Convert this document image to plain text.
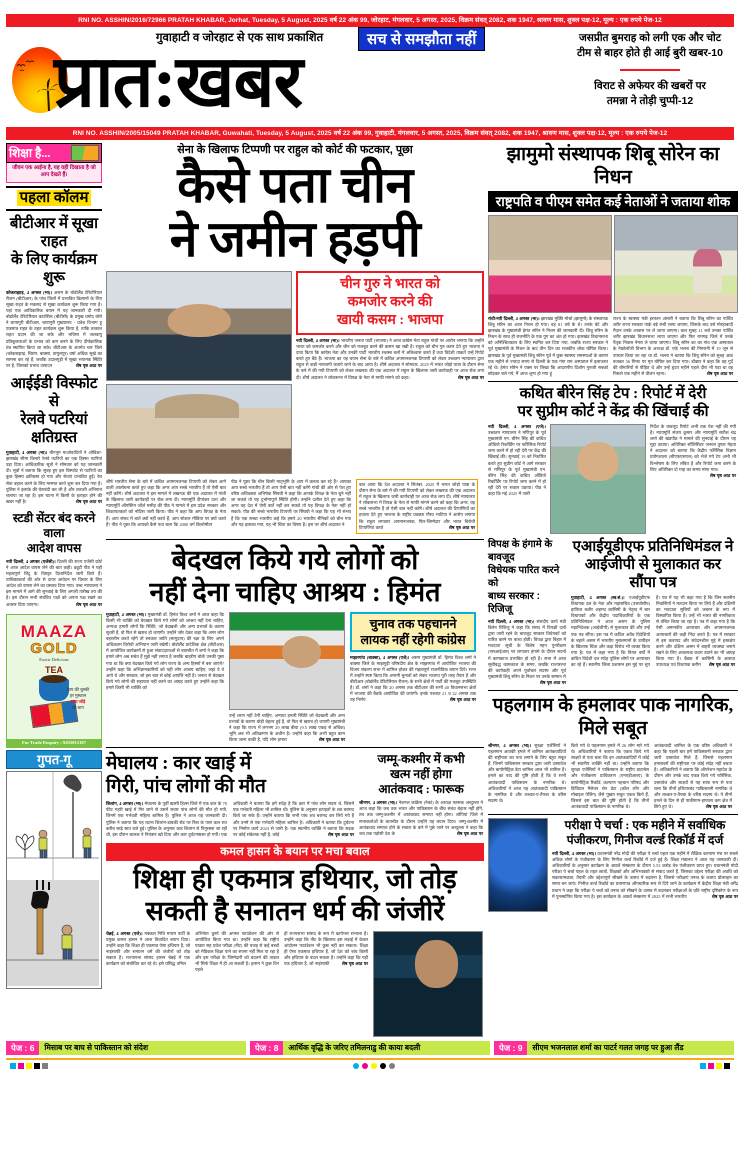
RNI NO. ASSHIN/2016/72966 PRATAH KHABAR, Jorhat, Tuesday, 5 August, 2025 वर्ष 22 अंक 99, जोरहाट, मंगलवार, 5 अगस्त, 2025, विक्रम संवत् 2082, शक 1947, श्रावण मास, शुक्ल पक्ष-12, मूल्य : एक रुपये पेज-12
गुवाहाटी व जोरहाट से एक साथ प्रकाशित	सच से समझौता नहीं
प्रात:खबर
जसप्रीत बुमराह को लगी एक और चोट
टीम से बाहर होते ही आई बुरी खबर-10
विराट से अफेयर की खबरों पर
तमन्ना ने तोड़ी चुप्पी-12
RNI NO. ASSHIN/2005/15049 PRATAH KHABAR, Guwahati, Tuesday, 5 August, 2025 वर्ष 22 अंक 99, गुवाहाटी, मंगलवार, 5 अगस्त, 2025, विक्रम संवत् 2082, शक 1947, श्रावण मास, शुक्ल पक्ष-12, मूल्य : एक रुपये पेज-12
शिक्षा है...
जीवन एक आईना है, यह वही दिखाता है जो आप देखते हैं।
पहला कॉलम
बीटीआर में सूखा राहत
के लिए कार्यक्रम शुरू
कोकराझाड़, 4 अगस्त (भा)। असम के बोडोलैंड टेरिटोरियल रीजन (बीटीआर) के पांच जिलों में प्रभावित किसानों के लिए सूखा राहत के मकसद से सूखा कार्यक्रम शुरू किया गया है। यहां एक आधिकारिक बयान में यह जानकारी दी गयी। बोडोलैंड टेरिटोरियल काउंसिल (बीटीसी) के प्रमुख प्रमोद बोरो ने चापागुरी बीटीआर, चापागुरी मुख्यालय - प्रवेश विभाग हू एकमात्र राहत के तहत कार्यक्रम शुरू किया है, ताकि तत्काल राहत प्रदान की जा सके और भविष्य में जलवायु प्रतिकूलताओं के प्रभाव को कम करने के लिए दीर्घकालिक तंत्र स्थापित किया जा सके। बीटीआर के अंतर्गत चार जिले (कोकराझाड़, चिरांग, बाक्सा, तामुलपुर) वर्षा अधिक सूखे का सामना कर रहे हैं, जबकि उदालगुड़ी में सूखा भयानक स्थिति पर है, जिसको प्रभाव उत्पादन	शेष पृष्ठ आठ पर
आईईडी विस्फोट से
रेलवे पटरियां क्षतिग्रस्त
गुवाहाटी, 4 अगस्त (भा)। बीरभूम माओवादियों ने ओडिशा-झारखंड सीमा किनारे रेलवे पटरियों का एक हिस्सा पटरियां उड़ा दिया। आधिकारिक सूत्रों ने सोमवार को यह जानकारी दी। सूत्रों ने बताया कि सुबह हुए इस विस्फोट से पटरियों का कुछ हिस्सा क्षतिग्रस्त हो गया और सेवाएं प्रभावित हुईं। रेल सेवा बहाल करने के लिए मरम्मत कार्य शुरू कर दिया गया है। पुलिस ने इलाके की घेराबंदी कर ली है और तलाशी अभियान चलाया जा रहा है। इस घटना में किसी के हताहत होने की खबर नहीं है।	शेष पृष्ठ आठ पर
स्टडी सेंटर बंद करने वाला
आदेश वापस
नयी दिल्ली, 4 अगस्त (एजेंसी)। दिल्ली की राज्य एजेंसी कोर्ट ने आज आदेश वापस लेने की बात कही। ड्यूटी पीठ ने यही महत्वपूर्ण बिंदु के विस्तृत दिशानिर्देश जारी किये हैं। याचिकाकर्ता की ओर से दायर आवेदन पर विचार के लिए आदेश को वापस लेने का प्रस्ताव दिया गया। उच्च न्यायालय ने इस मामले में आगे की सुनवाई के लिए अगली तारीख तय की है। इस दौरान सभी संबंधित पक्षों को अपना पक्ष रखने का अवसर दिया जाएगा।	शेष पृष्ठ आठ पर
MAAZA
GOLD
Exotic Delicious
TEA
चाय की चुस्की
हर मुस्कान
साथ जोड़े
रहे चाय
For Trade Enquiry : 9435012187
गुपत-गू
सेना के खिलाफ टिप्पणी पर राहुल को कोर्ट की फटकार, पूछा
कैसे पता चीन
ने जमीन हड़पी
चीन गुरु ने भारत को
कमजोर करने की
खायी कसम : भाजपा
नयी दिल्ली, 4 अगस्त (भा)। भारतीय जनता पार्टी (भाजपा) ने आज कांग्रेस नेता राहुल गांधी पर आरोप लगाया कि उन्होंने भारत को कमजोर करने और चीन को मजबूत करने की कसम खा रखी है। राहुल को चीन गुरु करार देते हुए भाजपा ने दावा किया कि कांग्रेस नेता और उनकी पार्टी भारतीय सशस्त्र बलों में अविश्वास करते हैं तथा विदेशी ताकतें उन्हें रिपोर्ट करते हुए बैठे हैं। भाजपा का यह बयान सेना के बारे में कथित अपमानजनक टिप्पणी को लेकर उच्चतम न्यायालय द्वारा राहुल से कड़ी नाराजगी जताये जाने के बाद आया है। शीर्ष अदालत ने सोमवार, 2025 में भारत जोड़ो यात्रा के दौरान सेना के बारे में की गयी टिप्पणी को लेकर लखनऊ की एक अदालत में राहुल के खिलाफ जारी कार्यवाही पर आज रोक लगा दी। शीर्ष अदालत ने लोकसभा में विपक्ष के नेता से माफी मांगने को कहा।	शेष पृष्ठ आठ पर
शीर्ष भारतीय सेना के बारे में कथित अपमानजनक टिप्पणी को लेकर आगे डाली आलोचना करते हुए कहा कि अगर आप सच्चे भारतीय हैं तो ऐसी बात नहीं करेंगे। शीर्ष अदालत ने इस मामले में लखनऊ की एक अदालत में गांधी के खिलाफ जारी कार्यवाही पर रोक लगा दी। न्यायमूर्ति दीपांकर दत्ता और न्यायमूर्ति ऑगस्टिन जॉर्ज मसीह की पीठ ने मामले में इस प्रदेश सरकार और शिकायतकर्ता को नोटिस जारी किया। पीठ ने कहा कि आप विपक्ष के नेता हैं। आप संसद में बातें क्यों नहीं करते हैं, आप सोशल मीडिया पर क्यों करते हैं? पीठ ने पूछा कि आपको कैसे पता चला कि 2000 वर्ग किलोमीटर
पीठ ने पूछा कि चीन किसी मातृभूमि के आप में कब्जा कर रहे हैं? आपका आप सच्चे भारतीय हैं तो आप ऐसी बात नहीं करेंगे गांधी की ओर से पेश हुए वरिष्ठ अधिवक्ता अभिषेक सिंघवी ने कहा कि आपके विपक्ष के नेता चुने नहीं जा सकते तो यह दुर्भाग्यपूर्ण स्थिति होगी। उन्होंने दलील देते हुए कहा कि अगर वह देश में ऐसी बातें नहीं कर सकते तो यह विपक्ष के नेता नहीं हो सकते। पीठ की सच्चे भारतीय टिप्पणी पर सिंघवी ने कहा कि यह भी संभव है कि एक सच्चा भारतीय कहे कि हमारे 20 भारतीय सैनिकों को चीन गया और यह इलाका गया, यह भी चिंता का विषय है। इस पर शीर्ष अदालत ने
बात आया कि देश अदालत ने सितंबर, 2025 में भारत जोड़ो यात्रा के दौरान सेना के बारे में की गयी टिप्पणी को लेकर लखनऊ की एक अदालत में राहुल के खिलाफ जारी कार्यवाही पर आज रोक लगा दी। शीर्ष न्यायालय ने लोकसभा में विपक्ष के नेता से माफी मांगने करने को कहा कि अगर, वह सच्चे भारतीय हैं तो ऐसी बात नहीं करेंगे। शीर्ष अदालत की टिप्पणियों का हवाला देते हुए भाजपा के राष्ट्रीय प्रवक्ता गौरव भाटिया ने आरोप लगाया कि राहुल लगातार अपमानजनक, फिर-जिम्मेदार और भारत विरोधी टिप्पणियां करते	शेष पृष्ठ आठ पर
बेदखल किये गये लोगों को
नहीं देना चाहिए आश्रय : हिमंत
गुवाहाटी, 4 अगस्त (भा)। मुख्यमंत्री डॉ. हिमंत विश्व शर्मा ने आज कहा कि किसी भी व्यक्ति को बेदखल किये गये लोगों को आश्रय नहीं देना चाहिए, अन्यथा हमारी लोगों कि स्थिति, जो बेदखली और अन्य प्रभावों के कारण सुधरी है, वो फिर से खराब हो जाएगी। उन्होंने जोर देकर कहा कि अगर लोग बहरलीन करते रहेंगे तो सरकार जाति (सामुदाय) की रक्षा के लिए अपने अधिकतम विरोधी अभियान जारी रखेगी। बोडोलैंड प्रादेशिक क्षेत्र (बीटीआर) में आयोजित कार्यक्रमों से हुआ संवाददाताओं से बातचीत में शर्मा ने कहा कि हमारे लोग अब सचेत हैं मुझे नहीं लगता है जबकि बाहरीय बोलेंः उनकी पूछा गया था कि क्या बेदखल किये गये लोग राज्य के अन्य हिस्सों में बस जाएंगे? उन्होंने कहा कि अभिज्ञानकारियों को यही लोग आश्रय चाहिए, जहां वे वे आये थे और सरकार, जो इस बात से कोई आपत्ति नहीं है। जनता से बेदखल किये गये लोगों की सहायता नहीं करने का आग्रह करते हुए उन्होंने कहा कि हमारे किसी भी व्यक्ति को
उन्हें शरण नहीं देनी चाहिए, अन्यथा हमारी स्थिति जो बेदखली और अन्य प्रभावों के कारण थोड़ी बेहतर हुई है, वो फिर से खराब हो जाएगी मुख्यमंत्री ने कहा कि राज्य में लगभग 29 लाख बीघा (9.5 लाख एकड़ से अधिक) भूमि अब भी अतिक्रमण के अधीन है। उन्होंने कहा कि अभी बहुत काम किया जाना बाकी है, यदि लोग हमारा	शेष पृष्ठ आठ पर
चुनाव तक पहचानने
लायक नहीं रहेगी कांग्रेस
माझरगांव (बाक्सा), 4 अगस्त (एजे)। असम मुख्यमंत्री डॉ. हिमंत विश्व शर्मा ने बाक्सा जिले के माझगुड़ी परिषदीय क्षेत्र के माझरगांव में आयोजित भाजपा की विजय संकल्प सभा में शामिल होकर की महत्वपूर्ण राजनीतिक बयान दिये। सभा में उन्होंने स्पष्ट किया कि अगामी चुनावों को लेकर भाजपा पूरी तरह तैयार है और बीटीआर (बोडोलैंड टेरिटोरियल रीजन) के सभी क्षेत्रों में पार्टी की मजबूत उपस्थिति है। डॉ. शर्मा ने कहा कि 20 अगस्त तक बीटीआर की सभी 40 विधानसभा क्षेत्रों में भाजपा की बैठकें आयोजित की जाएंगी। इनके पश्चात 21 व 22 अगस्त तक यह निर्णय	शेष पृष्ठ आठ पर
मेघालय : कार खाई में
गिरी, पांच लोगों की मौत
शिलांग, 4 अगस्त (भा)। मेघालय के पूर्वी खासी हिल्स जिले में एक कार के 70 फीट गहरी खाई में गिर जाने से उसमें सवार पांच लोगों की मौत हो गयी, जिनमें एक गर्भवती महिला शामिल है। पुलिस ने आज यह जानकारी दी। पुलिस ने बताया कि यह घटना शिलांग-डावकी रोड पर रिंबा के पास कल रात करीब साढ़े सात बजे हुई। पुलिस के अनुसार कार शिलांग से पिनुरस्ला जा रही थी, इस दौरान चालक ने नियंत्रण खो दिया और कार दुर्घटनाग्रस्त हो गयी। एक अधिकारी ने बताया कि हमें संदेह है कि कार में पांच लोग सवार थे, जिसमें एक गर्भवती महिला भी शामिल थी। पुलिस के अनुसार हताहतों के शव बरामद किये जा सके हैं। उन्होंने बताया कि सभी पांच शव बरामद कर लिये गये हैं और उनमें से एक गर्भवती महिला शामिल है। अधिकारी ने बताया कि दुर्घटना पर निर्माण कार्य 2023 से जारी है। एक स्थानीय व्यक्ति ने बताया कि सड़क पर कोई संकेतक नहीं है, कोई	शेष पृष्ठ आठ पर
जम्मू-कश्मीर में कभी
खत्म नहीं होगा
आतंकवाद : फारूक
श्रीनगर, 4 अगस्त (भा)। नेशनल कांफ्रेंस (नेकां) के अध्यक्ष फारूक अब्दुल्ला ने आज कहा कि जब तक भारत और पाकिस्तान के बीच संबंध बेहतर नहीं होंगे, तब तक जम्मू-कश्मीर में आतंकवाद समाप्त नहीं होगा। शोपियां जिले में सभाकर्ताओं के बातचीत के दौरान उन्होंने यह बयान दिया। जम्मू-कश्मीर में आतंकवाद समाप्त होने के सवाल के बारे में पूछे जाने पर अब्दुल्ला ने कहा कि जब तक पड़ोसी देश के	शेष पृष्ठ आठ पर
कमल हासन के बयान पर मचा बवाल
शिक्षा ही एकमात्र हथियार, जो तोड़
सकती है सनातन धर्म की जंजीरें
चेन्नई, 4 अगस्त (एजे)। मक्कल निधि मय्यम पार्टी के प्रमुख कमल हासन ने आज विवादित बयान दिया। उन्होंने कहा कि शिक्षा ही एकमात्र ऐसा हथियार है, जो नाइंसाफी और सनातन धर्म की जंजीरों को तोड़ सकता है। राज्यसभा सांसद हासन चेन्नई में एक कार्यक्रम को संबोधित कर रहे थे। इसे प्रसिद्ध तमिल
अभिनेता कुर्मा की अगस्त फाउंडेशन की ओर से आयोजित किया गया था। उन्होंने कहा कि राष्ट्रीय पात्रता सह प्रवेश परीक्षा (नीट) की वजह से कई बच्चों को मेडिकल शिक्षा पाने का सपना नहीं मिल पा रहा है और इस परीक्षा के जिम्मेदारी को बदलने की ताकत भी सिर्फ शिक्षा में ही आ सकती है। हासन ने कुछ दिन पहले
ही राज्यसभा सांसद के रूप में कार्यभार संभाला है। उन्होंने कहा कि नीट के खिलाफ इस लड़ाई में केवल आंदोलन फाउंडेशन भी कुछ नहीं कर सकता। शिक्षा ही ऐसा एकमात्र हथियार है, जो देश को बांध किसी और हथियार के बदल सकता है। उन्होंने कहा कि यही एक हथियार है, जो नाइंसाफी	शेष पृष्ठ आठ पर
झामुमो संस्थापक शिबू सोरेन का निधन
राष्ट्रपति व पीएम समेत कई नेताओं ने जताया शोक
रांची/नयी दिल्ली, 4 अगस्त (भा)। झारखंड मुक्ति मोर्चा (झामुमो) के संस्थापक शिबू सोरेन का आज निधन हो गया। वह 81 वर्ष के थे। उनके बेटे और झारखंड के मुख्यमंत्री हेमंत सोरेन ने निधन की जानकारी दी। शिबू सोरेन के निधन के साथ ही राजनीति के एक युग का अंत हो गया। झारखंड विधानसभा को अनिश्चितकाल के लिए स्थगित कर दिया गया, जबकि राज्य सरकार ने पूर्व मुख्यमंत्री के निधन के बाद तीन दिन का राजकीय शोक घोषित किया। झारखंड के पूर्व मुख्यमंत्री शिबू सोरेन पूर्व में कुछ स्वास्थ्य समस्याओं के कारण एक महीने से ज्यादा समय से दिल्ली के एक गंगा राम अस्पताल में इलाजरत रहे थे। हेमंत सोरेन ने एक्स पर लिखा कि आदरणीय दिशोम गुरुजी सबको छोड़कर चले गये, मैं आज शून्य हो गया हूं
राज्य के स्वास्थ्य मंत्री इरफान अंसारी ने बताया कि शिबू सोरेन का पार्थिव शरीर राज्य सरकार पार्क बड़े रांची लाया जाएगा, जिसके बाद उसे मोरहाबादी मैदान उनके आवास पर ले जाया जाएगा। कल सुबह 11 बजे उनका पार्थिव शरीर झारखंड विधानसभा लाया जाएगा और फिर रामगढ़ जिले में उनके पैतृक निवास नेमरा ले जाया जाएगा। शिबू सोरेन का का गांव एक अस्पताल के नेफ्रोलॉजी विभाग के अध्यक्ष डॉ. एके भल्ला की निगरानी में 19 जून से उपचार किया जा रहा था डॉ. भल्ला ने बताया कि शिबू सोरेन को सुबह आठ बजकर 56 मिनट पर मृत घोषित कर दिया गया। डॉक्टर ने कहा कि वह गुर्दे की बीमारियों से पीड़ित थे और उन्हें हृदय महीने पहले दौरा भी पड़ा था वह पिछले एक महीने से वीजन रहना।	शेष पृष्ठ आठ पर
कथित बीरेन सिंह टेप : रिपोर्ट में देरी
पर सुप्रीम कोर्ट ने केंद्र की खिंचाई की
नयी दिल्ली, 4 अगस्त (एजे)। उच्चतम न्यायालय ने मणिपुर के पूर्व मुख्यमंत्री एन. बीरेन सिंह की कथित ऑडियो रिकॉर्डिंग पर फॉरेंसिक रिपोर्ट जमा करने में हो रही देरी पर केंद्र की खिंचाई की। सुनवाई 19 को निर्धारित करते हुए सुप्रीम कोर्ट ने आगे सरकार से मणिपुर के पूर्व मुख्यमंत्री एन. बीरेन सिंह की कथित ऑडियो रिकॉर्डिंग पर रिपोर्ट जमा करने में हो रही देरी पर सवाल उठाया। पीठ ने कहा कि मई 2025 में जारी
निर्देश के बावजूद रिपोर्ट अभी तक पेश नहीं की गयी है। न्यायमूर्ति संजय कुमार और न्यायमूर्ति सतीश चंद्र शर्मा की खंडपीठ ने मामले की सुनवाई के दौरान यह मुद्दा उठाया। अतिरिक्त सॉलिसिटर जनरल तुषार मेहता ने अदालत को बताया कि केंद्रीय फॉरेंसिक विज्ञान प्रयोगशाला (सीएफएसएल) को भेजे गये टेप अभी भी विश्लेषण के लिए लंबित है और रिपोर्ट जमा करने के लिए अतिरिक्त दो माह का समय मांगा गया।
शेष पृष्ठ आठ पर
विपक्ष के हंगामे के बावजूद
विधेयक पारित करने को
बाध्य सरकार : रिजिजू
नयी दिल्ली, 4 अगस्त (भा)। संसदीय कार्य मंत्री किरेन रिजिजू ने कहा कि संसद में विपक्षी दलों द्वारा जारी रहने के बावजूद सरकार विधेयकों को पारित करने पर बाध्य होती। विपक्ष द्वारा बिहार में मतदाता सूची के विशेष गहन पुनरीक्षण (एसआईआर) पर लगातार हंगामे के दौरान सदनों में कामकाज प्रभावित हो रही है। सभा में आज सूचीबद्ध कामकाज के समय, जबकि राज्यसभा की कार्यवाही अपने पूर्वांचल सदस्य और पूर्व मुख्यमंत्री शिबू सोरेन के निधन पर उनके सम्मान में
शेष पृष्ठ आठ पर
एआईयूडीएफ प्रतिनिधिमंडल ने
आईजीपी से मुलाकात कर सौंपा पत्र
गुवाहाटी, 4 अगस्त (स्व.सं.)। एआईयूडीएफ विधायक दल के नेता और महासचिव (उत्तर्वासीय) हाफिज बशीर अहमद कासिमी के नेतृत्व में चार विधायकों और केंद्रीय पदाधिकारियों के एक प्रतिनिधिमंडल ने आज असम के पुलिस महानिदेशक (आईजीपी) से मुलाकात की और उन्हें एक पत्र सौंपा। इस पत्र में कथित अवैध विदेशियों के बहाने असम में भारतीय मुसलमानों के उत्पीड़न के खिलाफ चिंता और कड़ा विरोध भी व्यक्त किया गया है। पत्र में कहा गया है कि विगत वर्षों में कथित विदेशी दल संदेह पुलिस लोगों पर अत्याचार का रहे हैं। स्थानीय जिला प्रशासन इस मुद्दे पर चुप है। पत्र में यह भी कहा गया है कि जिन स्थानीय निवासियों ने मतदान किया पर लिये हैं और दक्षिणी का मतदाता सूचियों को जबरन के रूप में विस्थापित किया है। उन्हें भी भारत की नागरिकता से वंचित किया जा रहा है। पत्र में कहा गया है कि ऐसी अमानवीय अत्याचार और अपमानजनक अत्याचारों की कड़ी निंदा करते हैं। पत्र में सरकार से इस कवायद और संवेदनशील मुद्दे में हस्तक्षेप करने और दक्षिण असम में बाहरी व्यवस्था बनाये रखने के लिए आवश्यक कदम उठाने का भी आग्रह किया गया है। बैठक में कासिमी के अलावा उपाध्यक्ष एवं विधायक करीम शेष पृष्ठ आठ पर
पहलगाम के हमलावर पाक नागरिक, मिले सबूत
श्रीनगर, 4 अगस्त (भा)। सुरक्षा एजेंसियों ने पहलगाम आतंकी हमले में शामिल आतंकवादियों की राष्ट्रीयता का पता लगाने के लिए बहुत सबूत हैं, जिनमें पाकिस्तान सरकार द्वारा जारी दस्तावेज और बायोमीट्रिक डेटा शामिल आज भी शामिल है। हमले का बाद की पुष्टि होती है कि वे सभी आतंकवादी पाकिस्तान के नागरिक थे। अधिकारियों ने आज यह आतंकवादी पाकिस्तान के नागरिक थे और लश्कर-ए-तैयबा के वरिष्ठ सदस्य थे।
किये गये थे पहलगाम हमले में 26 लोग मारे गये थे। अधिकारियों ने बताया कि एकत्र किये गये साक्ष्यों से पता चला कि इन आतंकवादियों में कोई भी स्थानीय व्यक्ति नहीं था। उन्होंने बताया कि सुरक्षा एजेंसियों ने पाकिस्तान के राष्ट्रीय डाटाबेस और पंजीकरण प्राधिकरण (एनएडीआरए) के बायोमीट्रिक रिकॉर्ड, कल्याण पहचान परिषद और डिजिटल मैसेजर चेन डेटा (कॉल लॉग और मोबाइल पेजिंग) जैसे पुख्ता सबूत एकत्र किये हैं, जिससे इस बात की पुष्टि होती है कि तीनों आतंकवादी पाकिस्तान के नागरिक थे।
आतंकवादी शामिल के एक वरिष्ठ अधिकारी ने कहा कि पहली बार हमें पाकिस्तानी सरकार द्वारा जारी दस्तावेज मिले हैं, जिससे पहलगाम हमलावरों की राष्ट्रीयता पर कोई संदेह नहीं बचता है। अधिकारियों ने बताया कि ऑपरेशन महादेव के दौरान और उनके बाद एकत्र किये गये फोरेंसिक, दस्तावेज और साक्ष्यों से यह साफ रूप से पता चला कि तीनों हथियारबंद पाकिस्तानी नागरिक थे और लश्कर-ए-तैयबा के वरिष्ठ सदस्य थे। ये तीनों हमले के दिन से ही पाकीगाम-हापवस कम क्षेत्र में छिपे हुए थे।	शेष पृष्ठ आठ पर
परीक्षा पे चर्चा : एक महीने में सर्वाधिक
पंजीकरण, गिनीज वर्ल्ड रिकॉर्ड में दर्ज
नयी दिल्ली, 4 अगस्त (भा)। प्रधानमंत्री नरेंद्र मोदी की परीक्षा पे चर्चा पहल एक महीने में शैक्षिक कल्याण मंच पर सबसे अधिक लोगों के पंजीकरण के लिए गिनीज वर्ल्ड रिकॉर्ड में दर्ज हुई है। शिक्षा मंत्रालय ने आज यह जानकारी दी। अधिकारियों के अनुसार कार्यक्रम के आठवें संस्करण के दौरान 5.53 करोड़ वेब पंजीकरण प्राप्त हुए। प्रधानमंत्री मोदी परीक्षा पे चर्चा पहल के तहत छात्रों, शिक्षकों और अभिभावकों से संवाद करते हैं, जिसका उद्देश्य परीक्षा की अवधि को सकारात्मकता, तैयारी और उद्देश्यपूर्ण सीखने के उत्सव में बदलना है, जिससे परीक्षाएं तनाव के बजाय प्रोत्साहन का समय बन जाएं। गिनीज वर्ल्ड रिकॉर्ड का प्रमाणपत्र औपचारिक रूप से दिये जाने के कार्यक्रम में केंद्रीय शिक्षा मंत्री धर्मेंद्र प्रधान ने कहा कि परीक्षा पे चर्चा को तनाव को सीखने के उत्सव में बदलकर परीक्षाओं के प्रति राष्ट्रीय दृष्टिकोण के रूप में पुनर्स्थापित किया गया है। इस कार्यक्रम के आठवें संस्करण में 2025 में सभी भारतीय	शेष पृष्ठ आठ पर
पेज : 6	मिसाब पर बाघ से पाकिस्तान को संदेश	पेज : 8	आर्थिक वृद्धि के जरिए तमिलनाडु की काया बदली	पेज : 9	सीएम भजनलाल शर्मा का पाटर्र गलत जगह पर हुआ लैंड
